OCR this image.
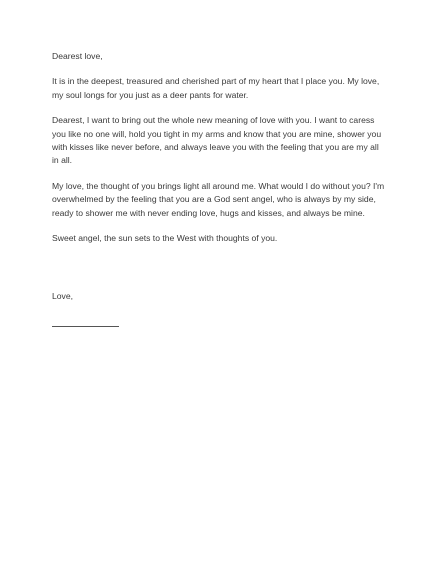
Dearest love,

It is in the deepest, treasured and cherished part of my heart that I place you. My love,
my soul longs for you just as a deer pants for water.

Dearest, I want to bring out the whole new meaning of love with you. I want to caress
you like no one will, hold you tight in my arms and know that you are mine, shower you
with kisses like never before, and always leave you with the feeling that you are my all
in all.

My love, the thought of you brings light all around me. What would I do without you? I'm
overwhelmed by the feeling that you are a God sent angel, who is always by my side,
ready to shower me with never ending love, hugs and kisses, and always be mine.

Sweet angel, the sun sets to the West with thoughts of you.

Love,
